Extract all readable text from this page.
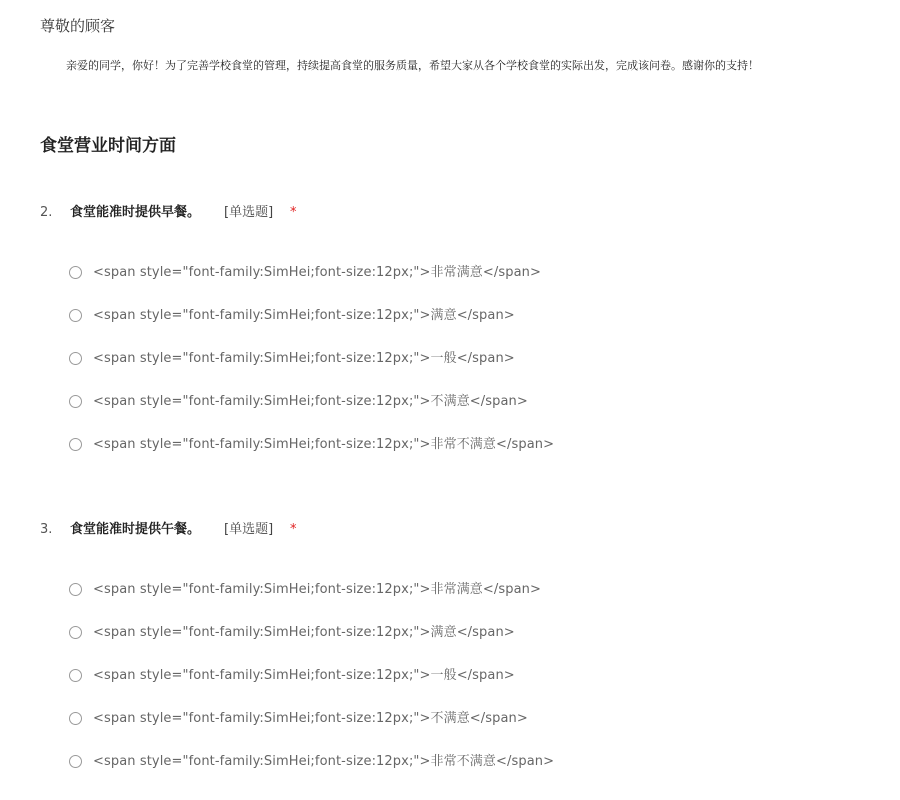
尊敬的顾客
亲爱的同学，你好！为了完善学校食堂的管理，持续提高食堂的服务质量，希望大家从各个学校食堂的实际出发，完成该问卷。感谢你的支持！
食堂营业时间方面
2. 食堂能准时提供早餐。 [单选题] *
<span style="font-family:SimHei;font-size:12px;">非常满意</span>
<span style="font-family:SimHei;font-size:12px;">满意</span>
<span style="font-family:SimHei;font-size:12px;">一般</span>
<span style="font-family:SimHei;font-size:12px;">不满意</span>
<span style="font-family:SimHei;font-size:12px;">非常不满意</span>
3. 食堂能准时提供午餐。 [单选题] *
<span style="font-family:SimHei;font-size:12px;">非常满意</span>
<span style="font-family:SimHei;font-size:12px;">满意</span>
<span style="font-family:SimHei;font-size:12px;">一般</span>
<span style="font-family:SimHei;font-size:12px;">不满意</span>
<span style="font-family:SimHei;font-size:12px;">非常不满意</span>
